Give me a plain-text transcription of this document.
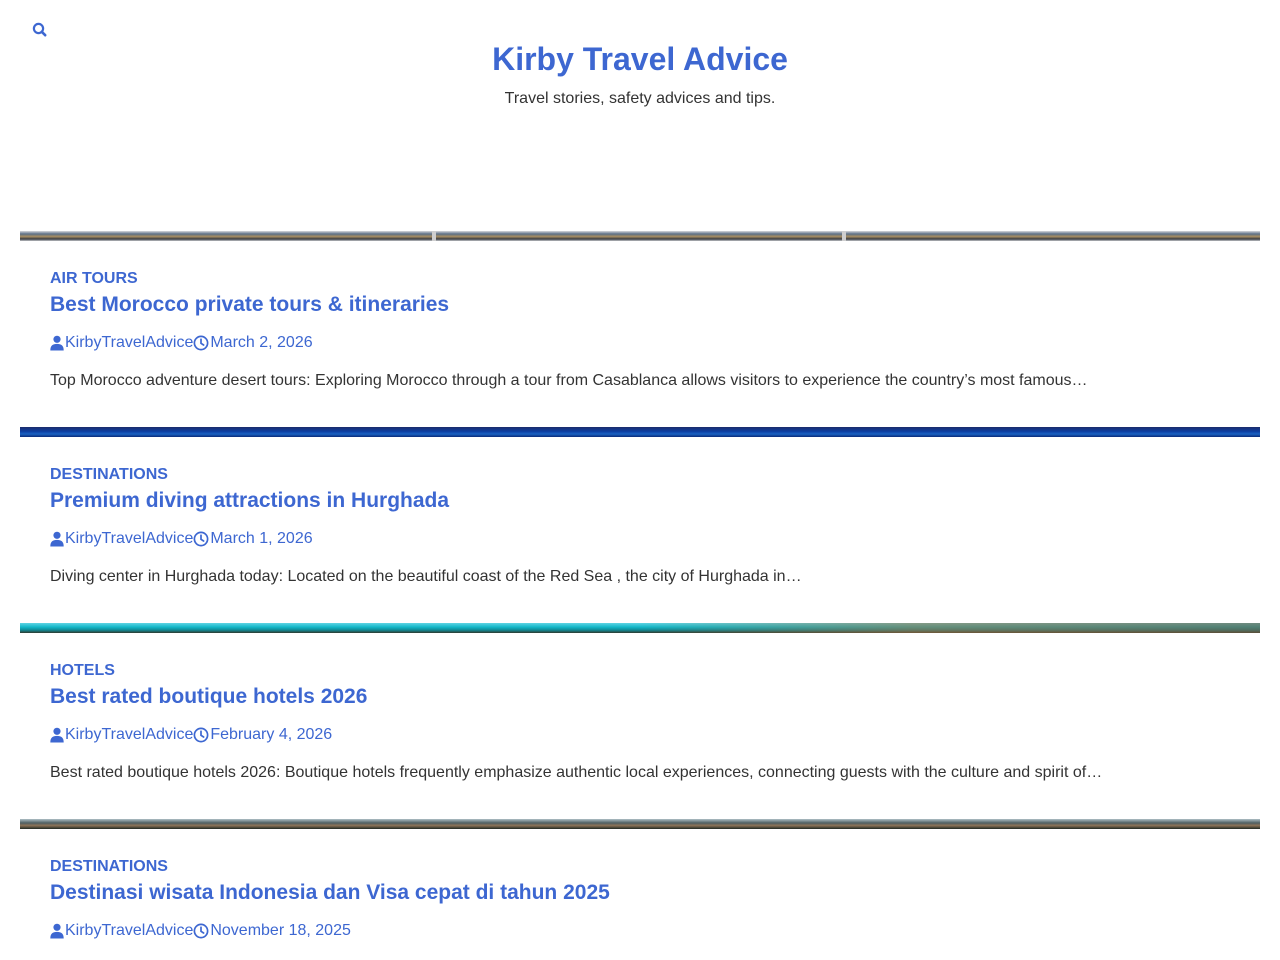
Kirby Travel Advice

Travel stories, safety advices and tips.

AIR TOURS
Best Morocco private tours & itineraries
KirbyTravelAdvice March 2, 2026

Top Morocco adventure desert tours: Exploring Morocco through a tour from Casablanca allows visitors to experience the country’s most famous…

DESTINATIONS
Premium diving attractions in Hurghada
KirbyTravelAdvice March 1, 2026

Diving center in Hurghada today: Located on the beautiful coast of the Red Sea , the city of Hurghada in…

HOTELS
Best rated boutique hotels 2026
KirbyTravelAdvice February 4, 2026

Best rated boutique hotels 2026: Boutique hotels frequently emphasize authentic local experiences, connecting guests with the culture and spirit of…

DESTINATIONS
Destinasi wisata Indonesia dan Visa cepat di tahun 2025
KirbyTravelAdvice November 18, 2025
